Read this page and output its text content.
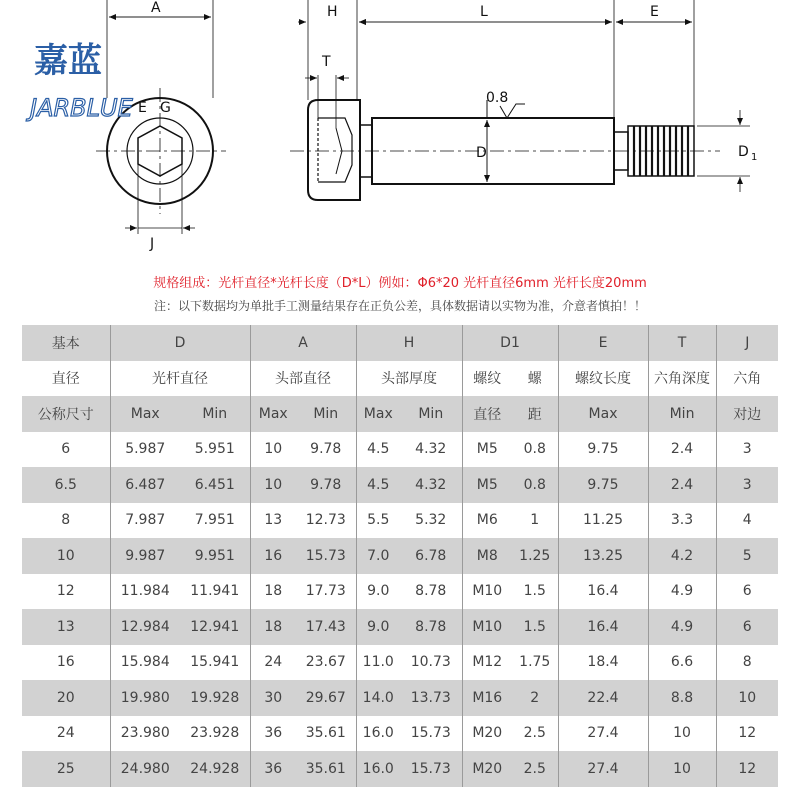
A	H	L	E
T
0.8
D	D 1
E G
J
嘉蓝
JARBLUE
规格组成：光杆直径*光杆长度（D*L）例如：Φ6*20 光杆直径6mm 光杆长度20mm
注：以下数据均为单批手工测量结果存在正负公差，具体数据请以实物为准，介意者慎拍！！
基本	D		A		H		D1		E	T	J
直径	光杆直径		头部直径		头部厚度		螺纹	螺	螺纹长度	六角深度	六角
公称尺寸	Max	Min	Max	Min	Max	Min	直径	距	Max	Min	对边
6	5.987	5.951	10	9.78	4.5	4.32	M5	0.8	9.75	2.4	3
6.5	6.487	6.451	10	9.78	4.5	4.32	M5	0.8	9.75	2.4	3
8	7.987	7.951	13	12.73	5.5	5.32	M6	1	11.25	3.3	4
10	9.987	9.951	16	15.73	7.0	6.78	M8	1.25	13.25	4.2	5
12	11.984	11.941	18	17.73	9.0	8.78	M10	1.5	16.4	4.9	6
13	12.984	12.941	18	17.43	9.0	8.78	M10	1.5	16.4	4.9	6
16	15.984	15.941	24	23.67	11.0	10.73	M12	1.75	18.4	6.6	8
20	19.980	19.928	30	29.67	14.0	13.73	M16	2	22.4	8.8	10
24	23.980	23.928	36	35.61	16.0	15.73	M20	2.5	27.4	10	12
25	24.980	24.928	36	35.61	16.0	15.73	M20	2.5	27.4	10	12
